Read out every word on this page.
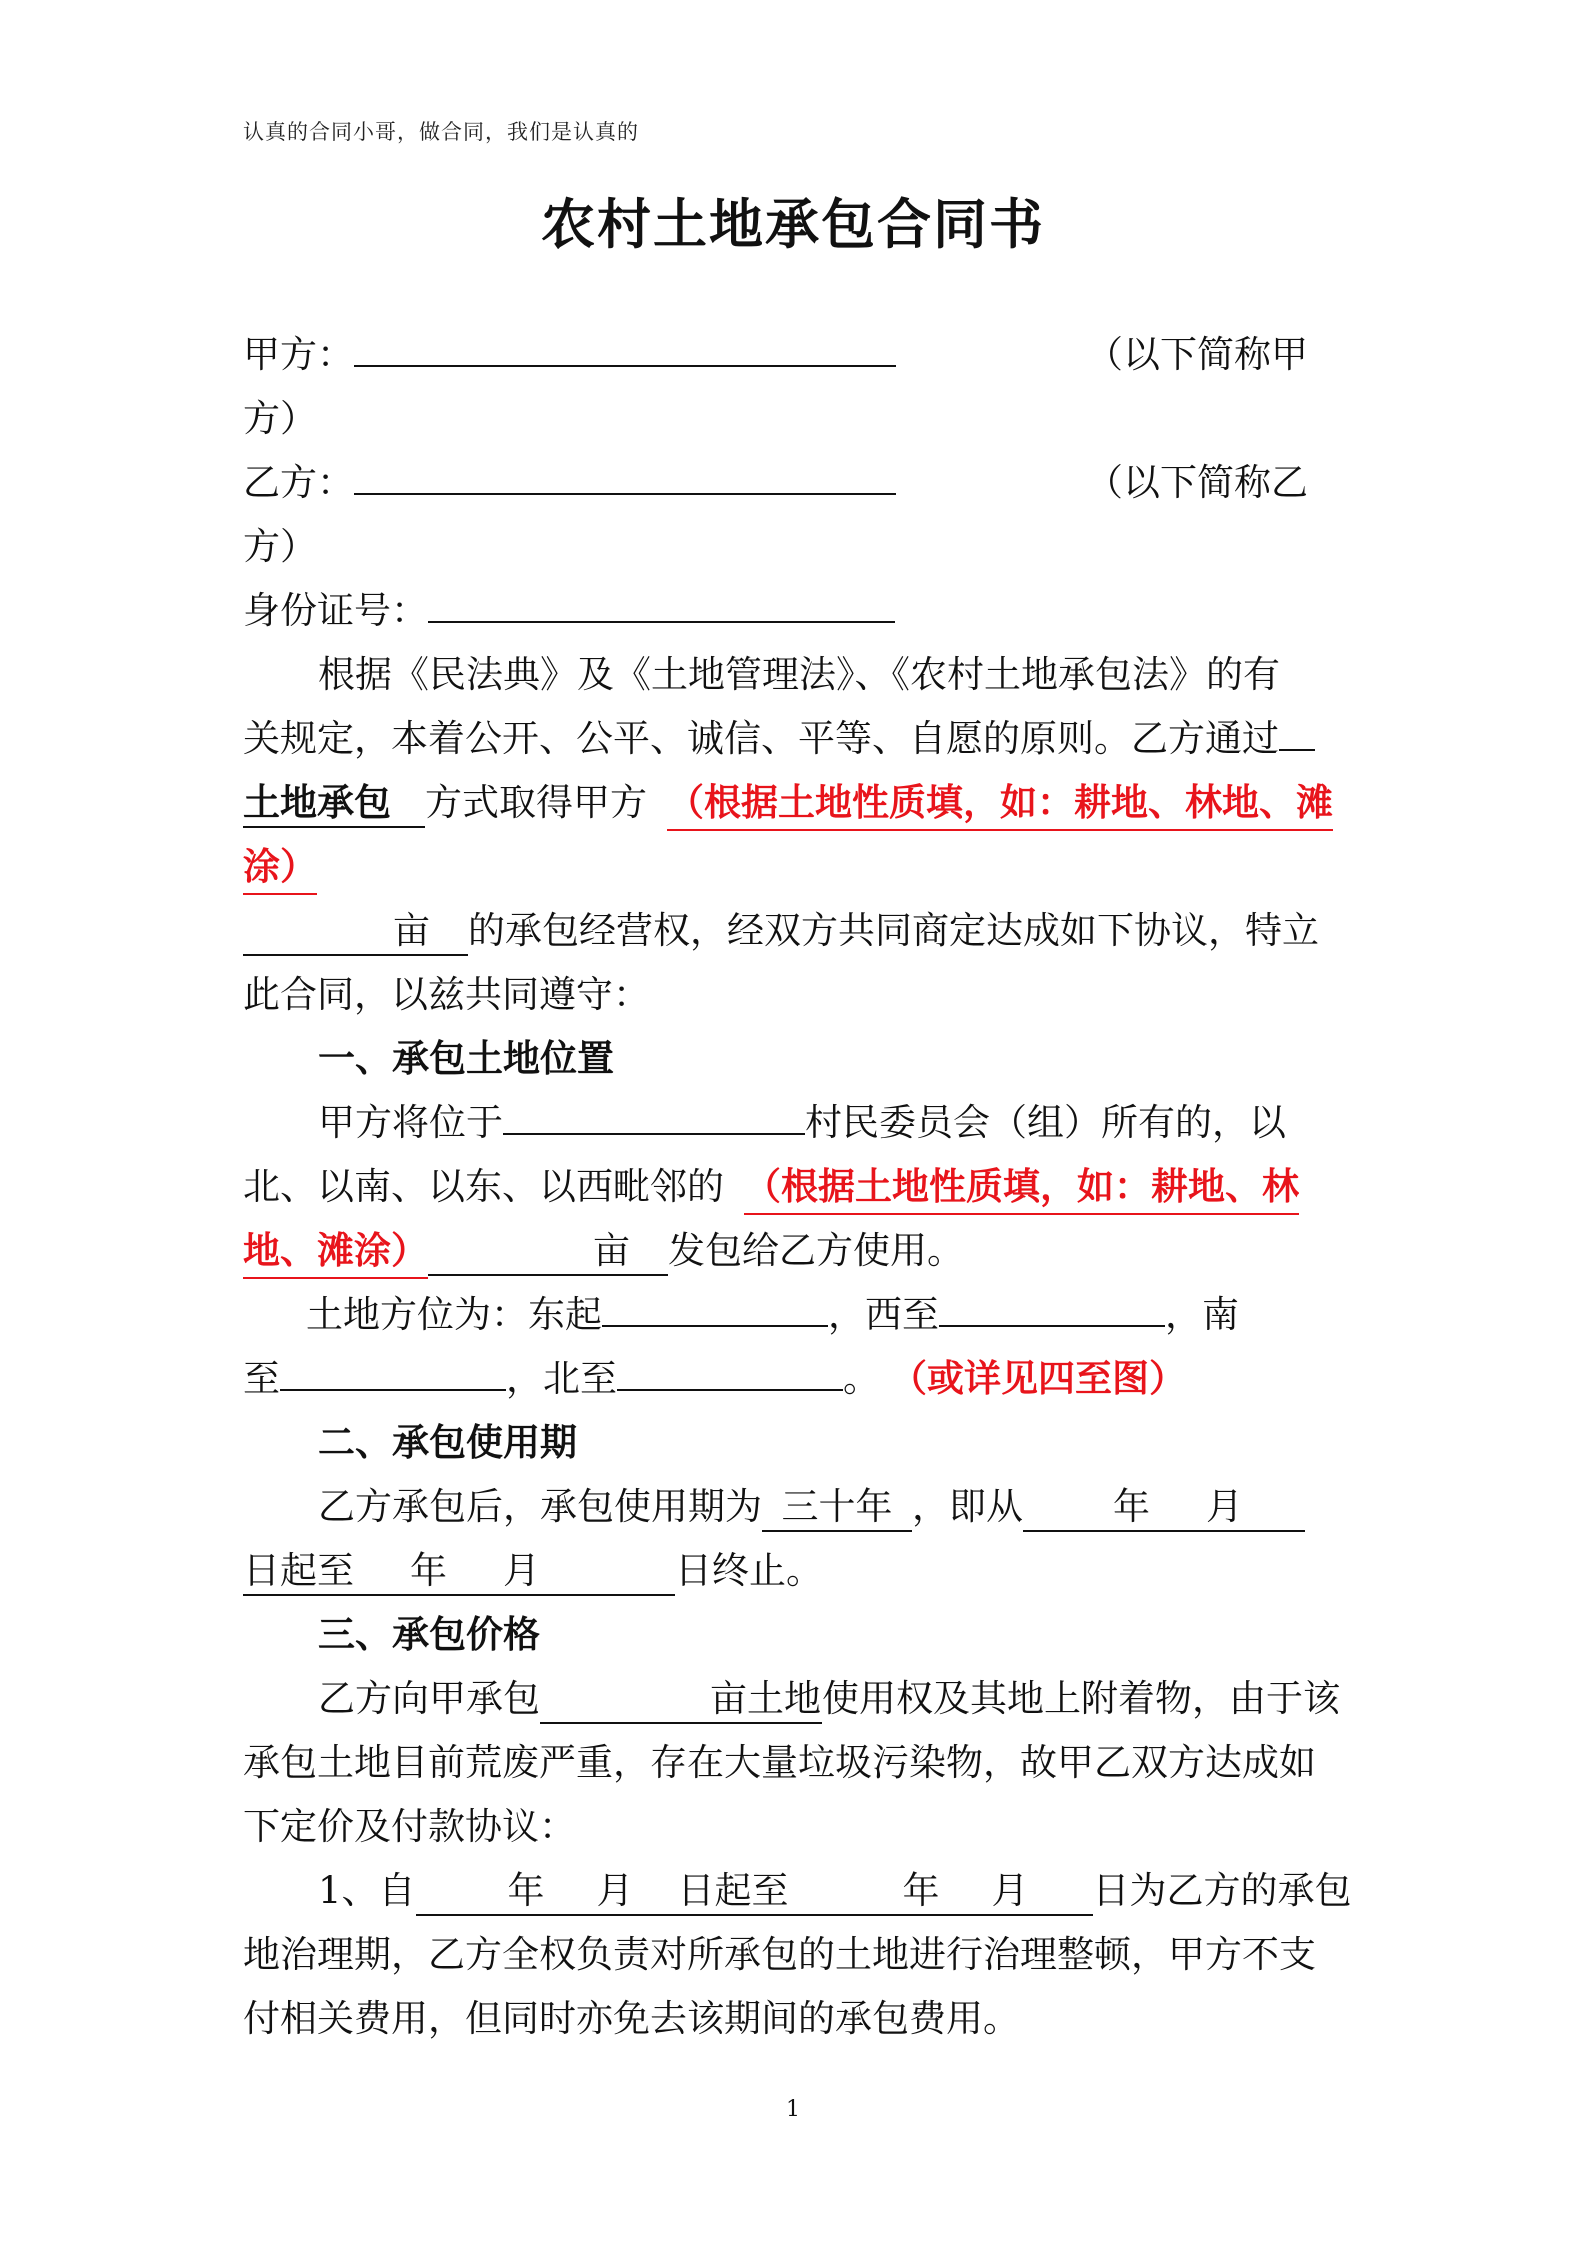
认真的合同小哥，做合同，我们是认真的
农村土地承包合同书
甲方：	（以下简称甲
方）
乙方：	（以下简称乙
方）
身份证号：
根据《民法典》及《土地管理法》、《农村土地承包法》的有
关规定，本着公开、公平、诚信、平等、自愿的原则。乙方通过
土地承包 方式取得甲方 （根据土地性质填，如：耕地、林地、滩
涂）
亩 的承包经营权，经双方共同商定达成如下协议，特立
此合同，以兹共同遵守：
一、承包土地位置
甲方将位于	村民委员会（组）所有的，以
北、以南、以东、以西毗邻的 （根据土地性质填，如：耕地、林
地、滩涂）	亩 发包给乙方使用。
土地方位为：东起	，西至	，南
至	，北至	。 （或详见四至图）
二、承包使用期
乙方承包后，承包使用期为 三十年 ，即从 年 月
日起至 年 月	日终止。
三、承包价格
乙方向甲承包	亩土地使用权及其地上附着物，由于该
承包土地目前荒废严重，存在大量垃圾污染物，故甲乙双方达成如
下定价及付款协议：
1、自 年 月 日起至	年 月 日为乙方的承包
地治理期，乙方全权负责对所承包的土地进行治理整顿，甲方不支
付相关费用，但同时亦免去该期间的承包费用。
1
